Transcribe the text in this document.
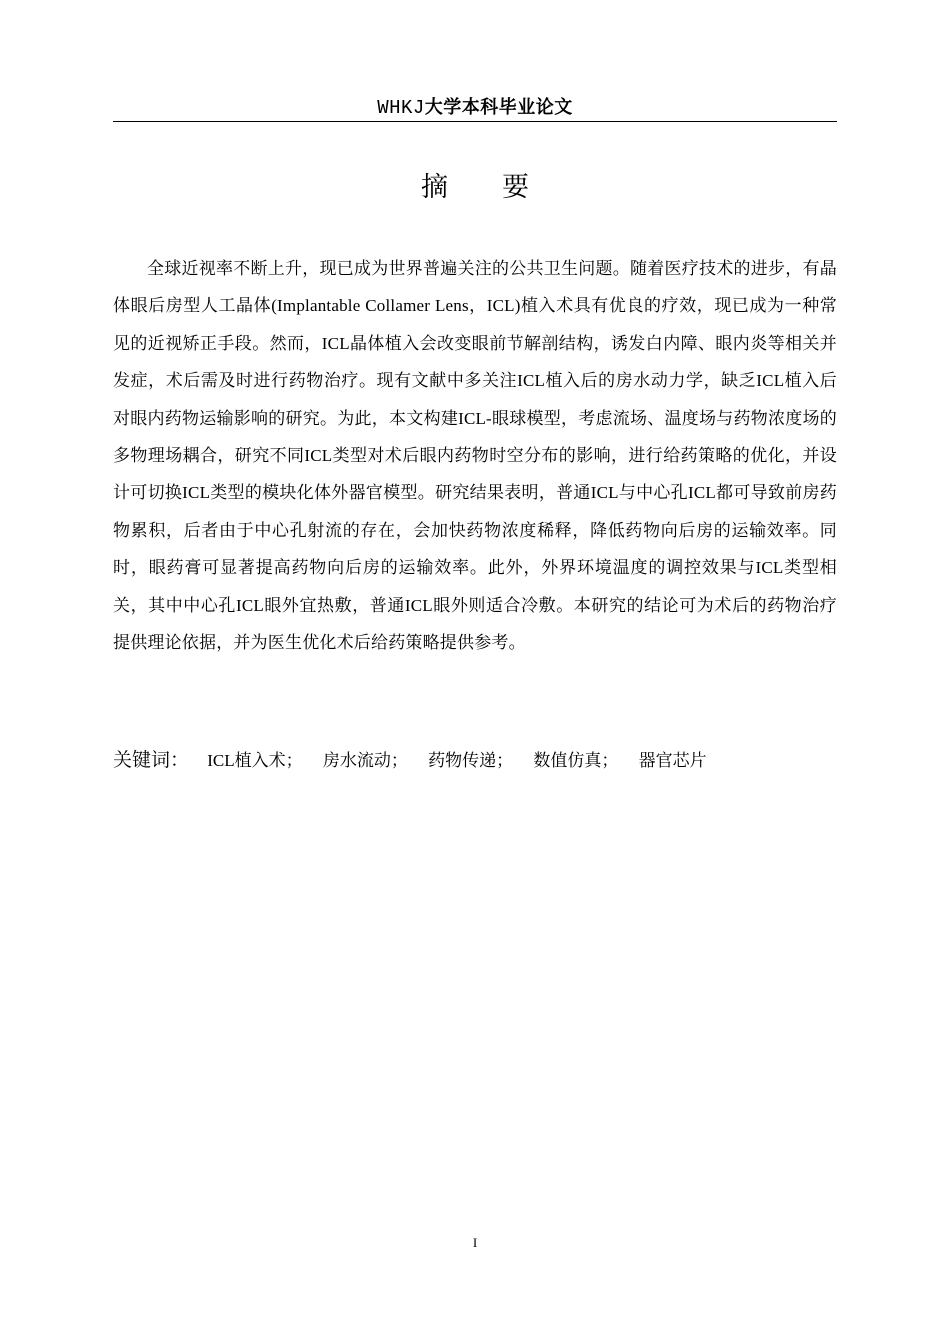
WHKJ大学本科毕业论文
摘 要

全球近视率不断上升，现已成为世界普遍关注的公共卫生问题。随着医疗技术的进步，有晶体眼后房型人工晶体(Implantable Collamer Lens，ICL)植入术具有优良的疗效，现已成为一种常见的近视矫正手段。然而，ICL晶体植入会改变眼前节解剖结构，诱发白内障、眼内炎等相关并发症，术后需及时进行药物治疗。现有文献中多关注ICL植入后的房水动力学，缺乏ICL植入后对眼内药物运输影响的研究。为此，本文构建ICL-眼球模型，考虑流场、温度场与药物浓度场的多物理场耦合，研究不同ICL类型对术后眼内药物时空分布的影响，进行给药策略的优化，并设计可切换ICL类型的模块化体外器官模型。研究结果表明，普通ICL与中心孔ICL都可导致前房药物累积，后者由于中心孔射流的存在，会加快药物浓度稀释，降低药物向后房的运输效率。同时，眼药膏可显著提高药物向后房的运输效率。此外，外界环境温度的调控效果与ICL类型相关，其中中心孔ICL眼外宜热敷，普通ICL眼外则适合冷敷。本研究的结论可为术后的药物治疗提供理论依据，并为医生优化术后给药策略提供参考。

关键词： ICL植入术； 房水流动； 药物传递； 数值仿真； 器官芯片
I
